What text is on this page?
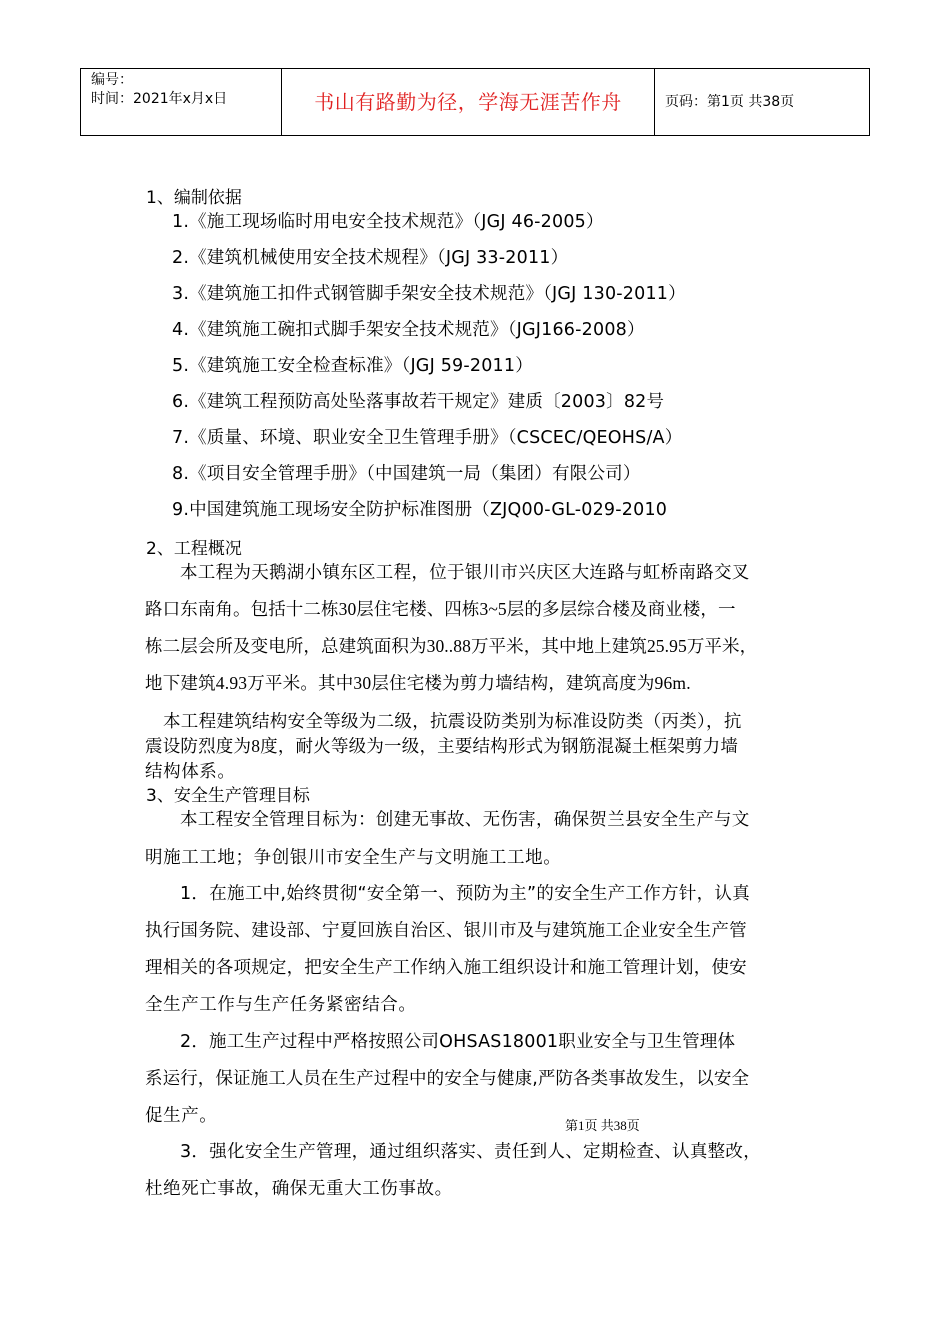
编号：
时间：2021年x月x日	书山有路勤为径，学海无涯苦作舟	页码：第1页 共38页
1、编制依据
1.《施工现场临时用电安全技术规范》（JGJ 46-2005）
2.《建筑机械使用安全技术规程》（JGJ 33-2011）
3.《建筑施工扣件式钢管脚手架安全技术规范》（JGJ 130-2011）
4.《建筑施工碗扣式脚手架安全技术规范》（JGJ166-2008）
5.《建筑施工安全检查标准》（JGJ 59-2011）
6.《建筑工程预防高处坠落事故若干规定》建质〔2003〕82号
7.《质量、环境、职业安全卫生管理手册》（CSCEC/QEOHS/A）
8.《项目安全管理手册》（中国建筑一局（集团）有限公司）
9.中国建筑施工现场安全防护标准图册（ZJQ00-GL-029-2010
2、工程概况
本工程为天鹅湖小镇东区工程，位于银川市兴庆区大连路与虹桥南路交叉
路口东南角。包括十二栋30层住宅楼、四栋3~5层的多层综合楼及商业楼，一
栋二层会所及变电所，总建筑面积为30..88万平米，其中地上建筑25.95万平米，
地下建筑4.93万平米。其中30层住宅楼为剪力墙结构，建筑高度为96m.
本工程建筑结构安全等级为二级，抗震设防类别为标准设防类（丙类），抗
震设防烈度为8度，耐火等级为一级，主要结构形式为钢筋混凝土框架剪力墙
结构体系。
3、安全生产管理目标
本工程安全管理目标为：创建无事故、无伤害，确保贺兰县安全生产与文
明施工工地；争创银川市安全生产与文明施工工地。
1．在施工中,始终贯彻“安全第一、预防为主”的安全生产工作方针，认真
执行国务院、建设部、宁夏回族自治区、银川市及与建筑施工企业安全生产管
理相关的各项规定，把安全生产工作纳入施工组织设计和施工管理计划，使安
全生产工作与生产任务紧密结合。
2．施工生产过程中严格按照公司OHSAS18001职业安全与卫生管理体
系运行，保证施工人员在生产过程中的安全与健康,严防各类事故发生，以安全
促生产。	第1页 共38页
3．强化安全生产管理，通过组织落实、责任到人、定期检查、认真整改，
杜绝死亡事故，确保无重大工伤事故。
